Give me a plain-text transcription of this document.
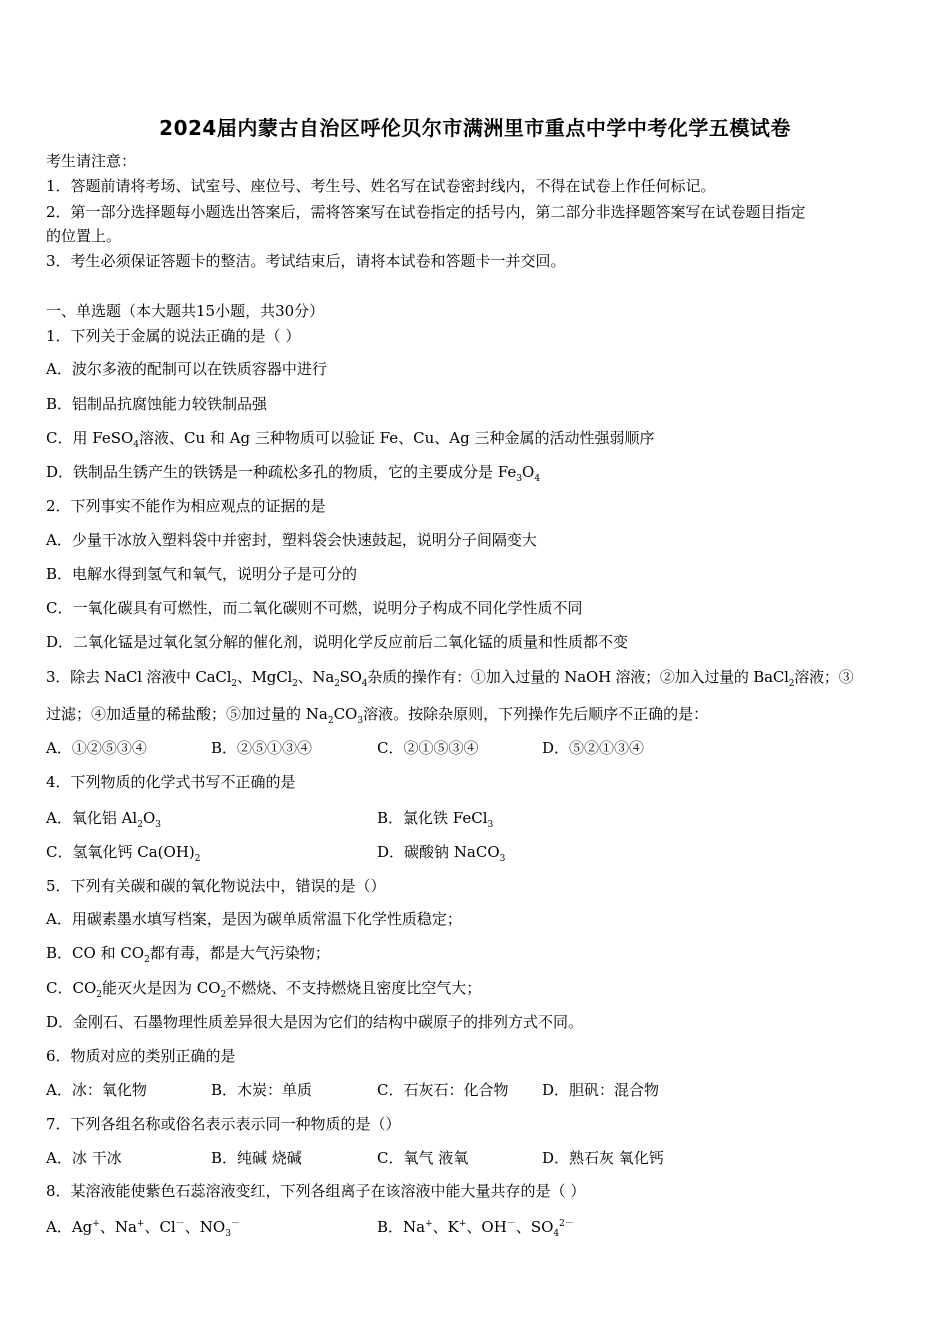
2024届内蒙古自治区呼伦贝尔市满洲里市重点中学中考化学五模试卷
考生请注意：
1．答题前请将考场、试室号、座位号、考生号、姓名写在试卷密封线内，不得在试卷上作任何标记。
2．第一部分选择题每小题选出答案后，需将答案写在试卷指定的括号内，第二部分非选择题答案写在试卷题目指定
的位置上。
3．考生必须保证答题卡的整洁。考试结束后，请将本试卷和答题卡一并交回。
一、单选题（本大题共15小题，共30分）
1．下列关于金属的说法正确的是（ ）
A．波尔多液的配制可以在铁质容器中进行
B．铝制品抗腐蚀能力较铁制品强
C．用 FeSO$_4$溶液、Cu 和 Ag 三种物质可以验证 Fe、Cu、Ag 三种金属的活动性强弱顺序
D．铁制品生锈产生的铁锈是一种疏松多孔的物质，它的主要成分是 $Fe_3O_4$
2．下列事实不能作为相应观点的证据的是
A．少量干冰放入塑料袋中并密封，塑料袋会快速鼓起，说明分子间隔变大
B．电解水得到氢气和氧气，说明分子是可分的
C．一氧化碳具有可燃性，而二氧化碳则不可燃，说明分子构成不同化学性质不同
D．二氧化锰是过氧化氢分解的催化剂，说明化学反应前后二氧化锰的质量和性质都不变
3．除去 NaCl 溶液中 CaCl$_2$、MgCl$_2$、$Na_2SO_4$杂质的操作有：①加入过量的 NaOH 溶液；②加入过量的 BaCl$_2$溶液；③
过滤；④加适量的稀盐酸；⑤加过量的 $Na_2CO_3$溶液。按除杂原则，下列操作先后顺序不正确的是：
A．①②⑤③④	B．②⑤①③④	C．②①⑤③④	D．⑤②①③④
4．下列物质的化学式书写不正确的是
A．氧化铝 $Al_2O_3$	B．氯化铁 FeCl$_3$
C．氢氧化钙 $Ca(OH)_2$	D．碳酸钠 NaCO$_3$
5．下列有关碳和碳的氧化物说法中，错误的是（）
A．用碳素墨水填写档案，是因为碳单质常温下化学性质稳定；
B．CO 和 $CO_2$都有毒，都是大气污染物；
C．$CO_2$能灭火是因为 $CO_2$不燃烧、不支持燃烧且密度比空气大；
D．金刚石、石墨物理性质差异很大是因为它们的结构中碳原子的排列方式不同。
6．物质对应的类别正确的是
A．冰：氧化物	B．木炭：单质	C．石灰石：化合物 D．胆矾：混合物
7．下列各组名称或俗名表示表示同一种物质的是（）
A．冰 干冰	B．纯碱 烧碱	C．氧气 液氧	D．熟石灰 氧化钙
8．某溶液能使紫色石蕊溶液变红，下列各组离子在该溶液中能大量共存的是（ ）
A．Ag+、Na+、Cl－、$NO_3^-$	B．Na+、K+、OH－、$SO_4^{2-}$
